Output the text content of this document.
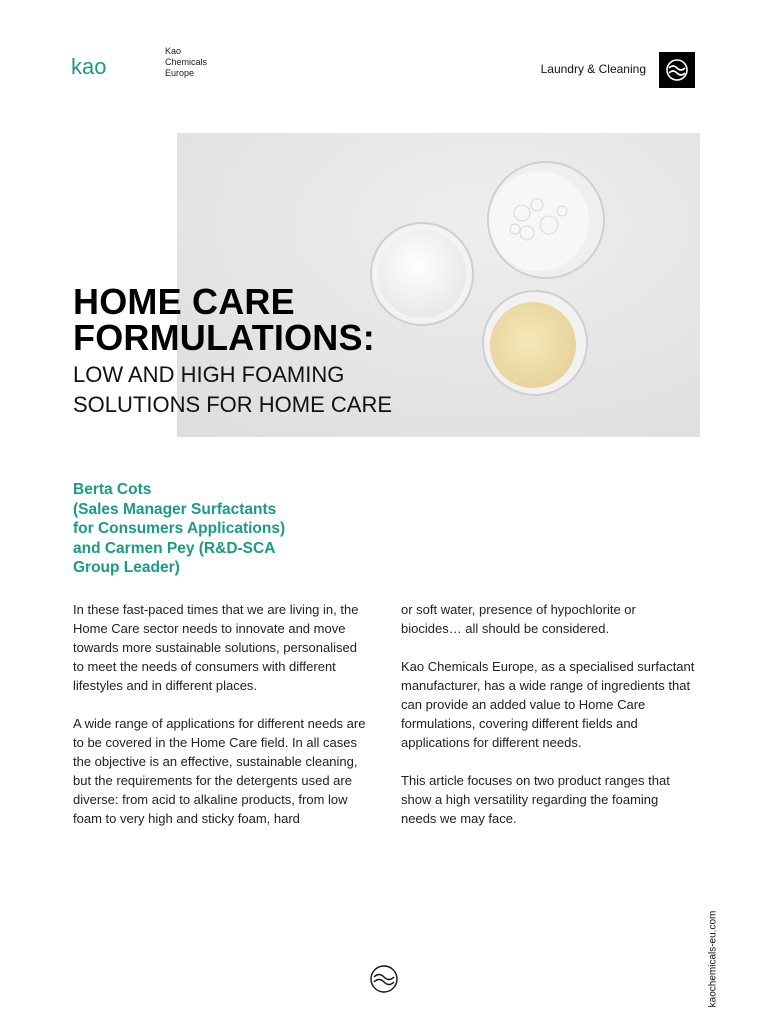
kao
Kao
Chemicals
Europe	Laundry & Cleaning
HOME CARE
FORMULATIONS:
LOW AND HIGH FOAMING
SOLUTIONS FOR HOME CARE
Berta Cots
(Sales Manager Surfactants
for Consumers Applications)
and Carmen Pey (R&D-SCA
Group Leader)

In these fast-paced times that we are living in, the Home Care sector needs to innovate and move towards more sustainable solutions, personalised to meet the needs of consumers with different lifestyles and in different places.

A wide range of applications for different needs are to be covered in the Home Care field. In all cases the objective is an effective, sustainable cleaning, but the requirements for the detergents used are diverse: from acid to alkaline products, from low foam to very high and sticky foam, hard

or soft water, presence of hypochlorite or biocides… all should be considered.

Kao Chemicals Europe, as a specialised surfactant manufacturer, has a wide range of ingredients that can provide an added value to Home Care formulations, covering different fields and applications for different needs.

This article focuses on two product ranges that show a high versatility regarding the foaming needs we may face.

kaochemicals-eu.com
